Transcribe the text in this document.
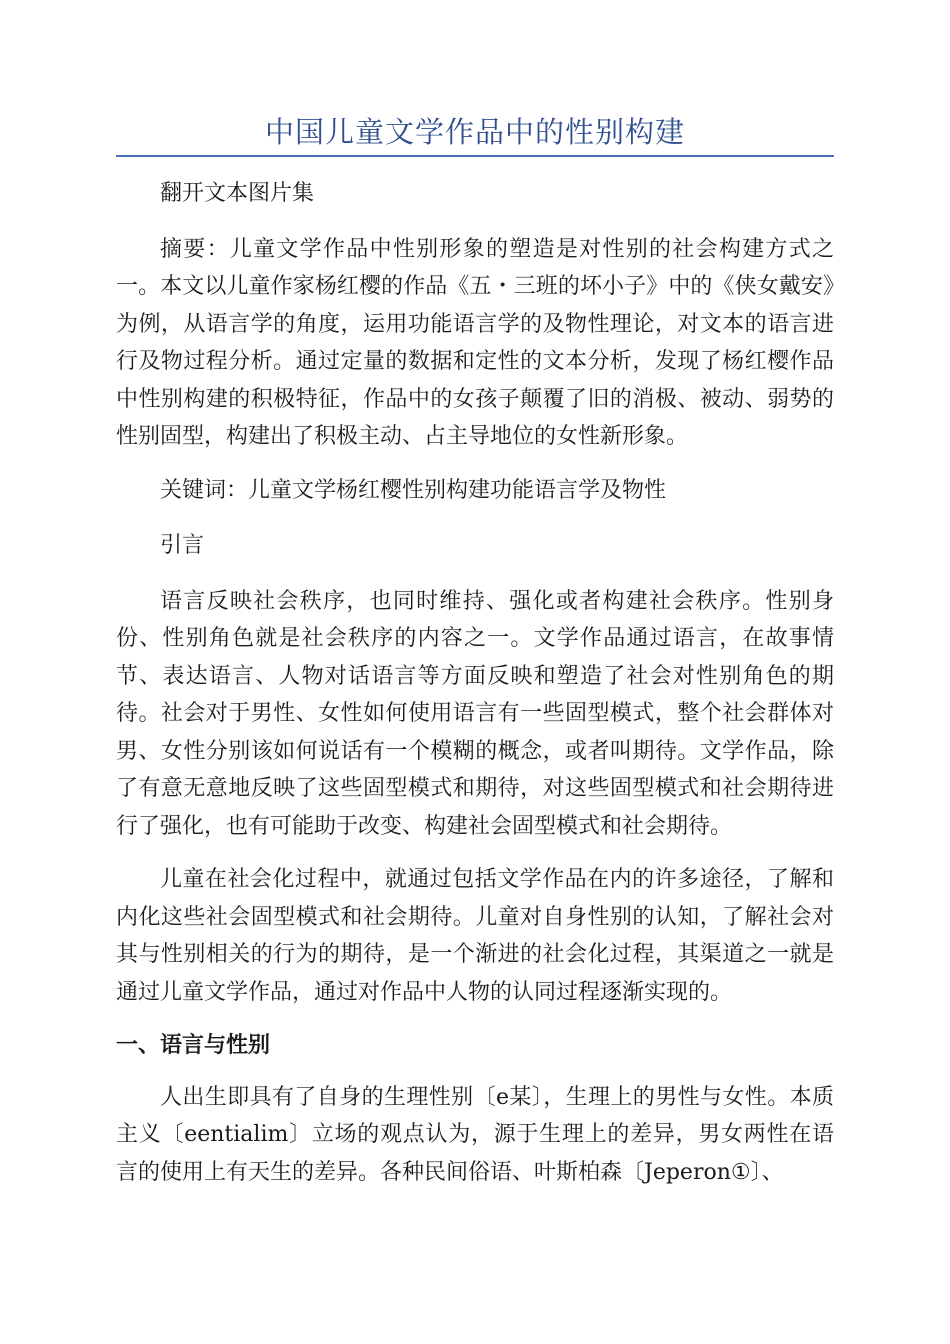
中国儿童文学作品中的性别构建

翻开文本图片集

摘要：儿童文学作品中性别形象的塑造是对性别的社会构建方式之一。本文以儿童作家杨红樱的作品《五・三班的坏小子》中的《侠女戴安》为例，从语言学的角度，运用功能语言学的及物性理论，对文本的语言进行及物过程分析。通过定量的数据和定性的文本分析，发现了杨红樱作品中性别构建的积极特征，作品中的女孩子颠覆了旧的消极、被动、弱势的性别固型，构建出了积极主动、占主导地位的女性新形象。

关键词：儿童文学杨红樱性别构建功能语言学及物性

引言

语言反映社会秩序，也同时维持、强化或者构建社会秩序。性别身份、性别角色就是社会秩序的内容之一。文学作品通过语言，在故事情节、表达语言、人物对话语言等方面反映和塑造了社会对性别角色的期待。社会对于男性、女性如何使用语言有一些固型模式，整个社会群体对男、女性分别该如何说话有一个模糊的概念，或者叫期待。文学作品，除了有意无意地反映了这些固型模式和期待，对这些固型模式和社会期待进行了强化，也有可能助于改变、构建社会固型模式和社会期待。

儿童在社会化过程中，就通过包括文学作品在内的许多途径，了解和内化这些社会固型模式和社会期待。儿童对自身性别的认知，了解社会对其与性别相关的行为的期待，是一个渐进的社会化过程，其渠道之一就是通过儿童文学作品，通过对作品中人物的认同过程逐渐实现的。

一、语言与性别

人出生即具有了自身的生理性别〔e某〕，生理上的男性与女性。本质主义〔eentialim〕立场的观点认为，源于生理上的差异，男女两性在语言的使用上有天生的差异。各种民间俗语、叶斯柏森〔Jeperon①〕、
